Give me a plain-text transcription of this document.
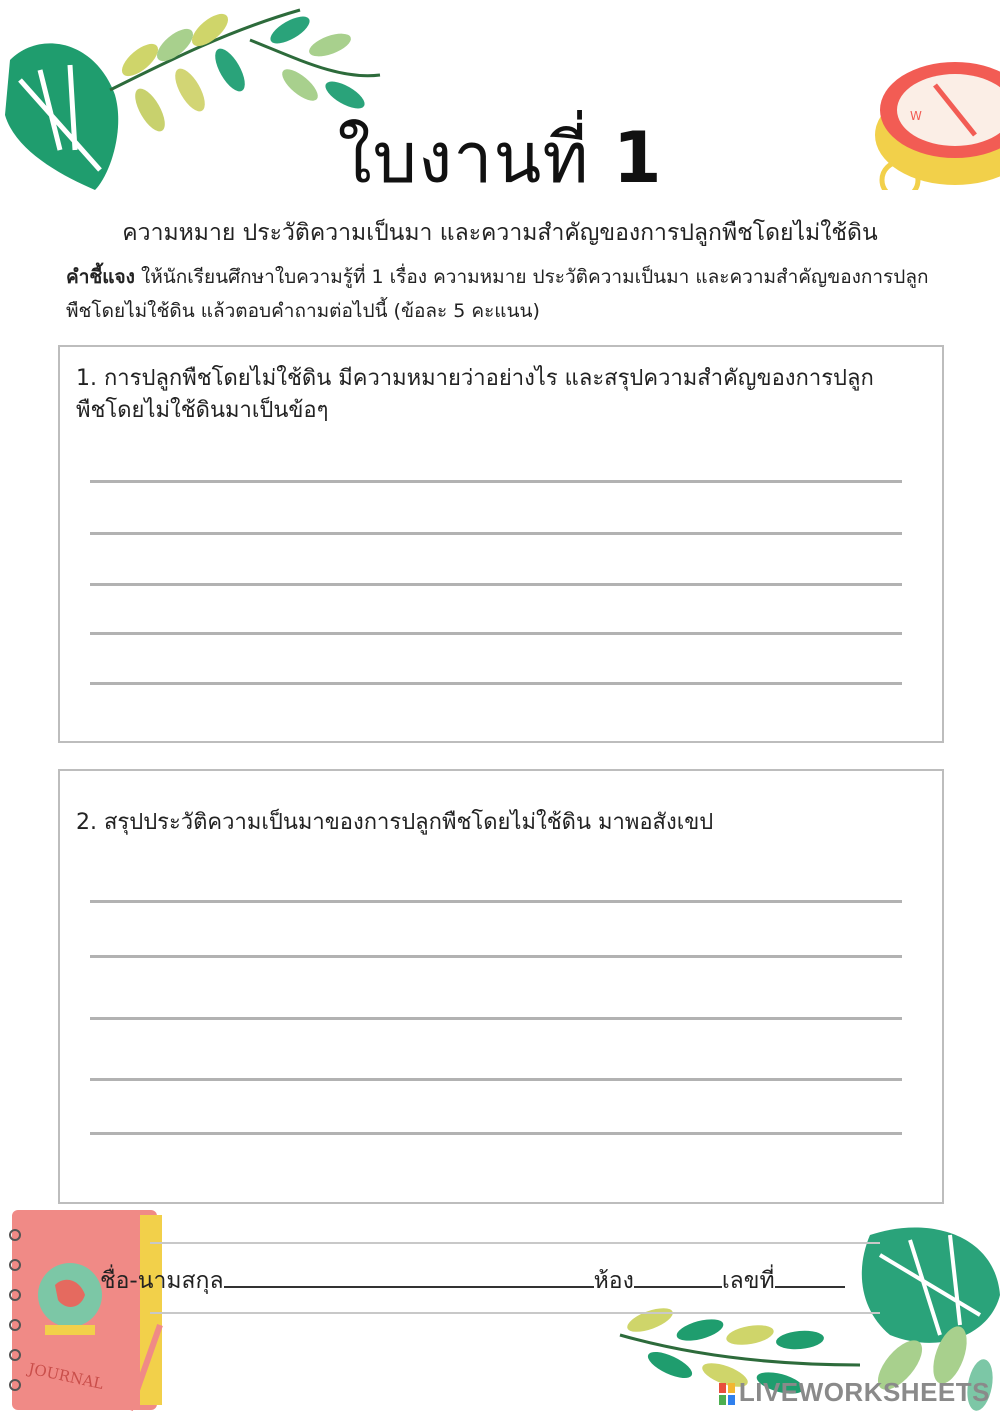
W
JOURNAL
ใบงานที่ 1
ความหมาย ประวัติความเป็นมา และความสำคัญของการปลูกพืชโดยไม่ใช้ดิน
คำชี้แจง ให้นักเรียนศึกษาใบความรู้ที่ 1 เรื่อง ความหมาย ประวัติความเป็นมา และความสำคัญของการปลูกพืชโดยไม่ใช้ดิน แล้วตอบคำถามต่อไปนี้ (ข้อละ 5 คะแนน)
1. การปลูกพืชโดยไม่ใช้ดิน มีความหมายว่าอย่างไร และสรุปความสำคัญของการปลูกพืชโดยไม่ใช้ดินมาเป็นข้อๆ
2. สรุปประวัติความเป็นมาของการปลูกพืชโดยไม่ใช้ดิน มาพอสังเขป
ชื่อ-นามสกุล	ห้อง	เลขที่
LIVEWORKSHEETS
